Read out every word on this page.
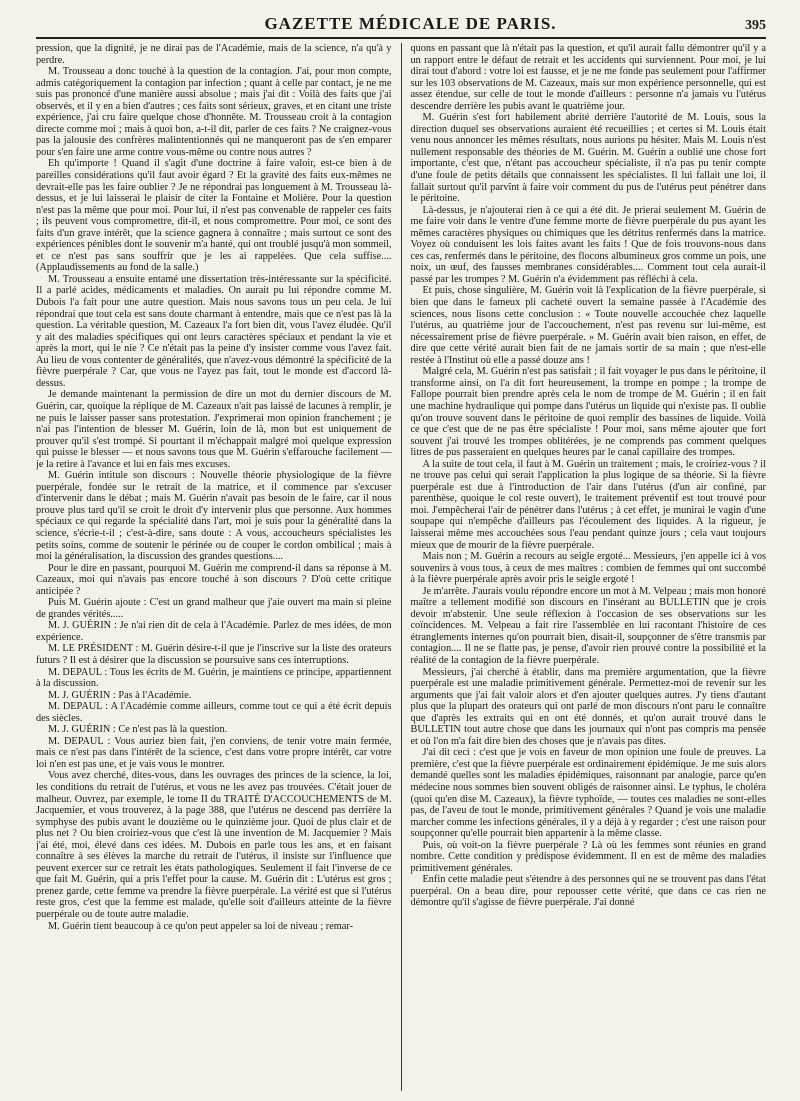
GAZETTE MÉDICALE DE PARIS.	395

pression, que la dignité, je ne dirai pas de l'Académie, mais de la science, n'a qu'à y perdre.

M. Trousseau a donc touché à la question de la contagion. J'ai, pour mon compte, admis catégoriquement la contagion par infection ; quant à celle par contact, je ne me suis pas prononcé d'une manière aussi absolue ; mais j'ai dit : Voilà des faits que j'ai observés, et il y en a bien d'autres ; ces faits sont sérieux, graves, et en citant une triste expérience, j'ai cru faire quelque chose d'honnête. M. Trousseau croit à la contagion directe comme moi ; mais à quoi bon, a-t-il dit, parler de ces faits ? Ne craignez-vous pas la jalousie des confrères malintentionnés qui ne manqueront pas de s'en emparer pour s'en faire une arme contre vous-même ou contre nous autres ?

Eh qu'importe ! Quand il s'agit d'une doctrine à faire valoir, est-ce bien à de pareilles considérations qu'il faut avoir égard ? Et la gravité des faits eux-mêmes ne devrait-elle pas les faire oublier ? Je ne répondrai pas longuement à M. Trousseau là-dessus, et je lui laisserai le plaisir de citer la Fontaine et Molière. Pour la question n'est pas la même que pour moi. Pour lui, il n'est pas convenable de rappeler ces faits ; ils peuvent vous compromettre, dit-il, et nous compromettre. Pour moi, ce sont des faits d'un grave intérêt, que la science gagnera à connaître ; mais surtout ce sont des expériences pénibles dont le souvenir m'a hanté, qui ont troublé jusqu'à mon sommeil, et ce n'est pas sans souffrir que je les ai rappelées. Que cela suffise.... (Applaudissements au fond de la salle.)

M. Trousseau a ensuite entamé une dissertation très-intéressante sur la spécificité. Il a parlé acides, médicaments et maladies. On aurait pu lui répondre comme M. Dubois l'a fait pour une autre question. Mais nous savons tous un peu cela. Je lui répondrai que tout cela est sans doute charmant à entendre, mais que ce n'est pas là la question. La véritable question, M. Cazeaux l'a fort bien dit, vous l'avez éludée. Qu'il y ait des maladies spécifiques qui ont leurs caractères spéciaux et pendant la vie et après la mort, qui le nie ? Ce n'était pas la peine d'y insister comme vous l'avez fait. Au lieu de vous contenter de généralités, que n'avez-vous démontré la spécificité de la fièvre puerpérale ? Car, que vous ne l'ayez pas fait, tout le monde est d'accord là-dessus.

Je demande maintenant la permission de dire un mot du dernier discours de M. Guérin, car, quoique la réplique de M. Cazeaux n'ait pas laissé de lacunes à remplir, je ne puis le laisser passer sans protestation. J'exprimerai mon opinion franchement ; je n'ai pas l'intention de blesser M. Guérin, loin de là, mon but est uniquement de prouver qu'il s'est trompé. Si pourtant il m'échappait malgré moi quelque expression qui puisse le blesser — et nous savons tous que M. Guérin s'effarouche facilement — je la retire à l'avance et lui en fais mes excuses.

M. Guérin intitule son discours : Nouvelle théorie physiologique de la fièvre puerpérale, fondée sur le retrait de la matrice, et il commence par s'excuser d'intervenir dans le débat ; mais M. Guérin n'avait pas besoin de le faire, car il nous prouve plus tard qu'il se croit le droit d'y intervenir plus que personne. Aux hommes spéciaux ce qui regarde la spécialité dans l'art, moi je suis pour la généralité dans la science, s'écrie-t-il ; c'est-à-dire, sans doute : A vous, accoucheurs spécialistes les petits soins, comme de soutenir le périnée ou de couper le cordon ombilical ; mais à moi la généralisation, la discussion des grandes questions....

Pour le dire en passant, pourquoi M. Guérin me comprend-il dans sa réponse à M. Cazeaux, moi qui n'avais pas encore touché à son discours ? D'où cette critique anticipée ?

Puis M. Guérin ajoute : C'est un grand malheur que j'aie ouvert ma main si pleine de grandes vérités.....

M. J. GUÉRIN : Je n'ai rien dit de cela à l'Académie. Parlez de mes idées, de mon expérience.

M. LE PRÉSIDENT : M. Guérin désire-t-il que je l'inscrive sur la liste des orateurs futurs ? Il est à désirer que la discussion se poursuive sans ces interruptions.

M. DEPAUL : Tous les écrits de M. Guérin, je maintiens ce principe, appartiennent à la discussion.

M. J. GUÉRIN : Pas à l'Académie.

M. DEPAUL : A l'Académie comme ailleurs, comme tout ce qui a été écrit depuis des siècles.

M. J. GUÉRIN : Ce n'est pas là la question.

M. DEPAUL : Vous auriez bien fait, j'en conviens, de tenir votre main fermée, mais ce n'est pas dans l'intérêt de la science, c'est dans votre propre intérêt, car votre loi n'en est pas une, et je vais vous le montrer.

Vous avez cherché, dites-vous, dans les ouvrages des princes de la science, la loi, les conditions du retrait de l'utérus, et vous ne les avez pas trouvées. C'était jouer de malheur. Ouvrez, par exemple, le tome II du TRAITÉ D'ACCOUCHEMENTS de M. Jacquemier, et vous trouverez, à la page 388, que l'utérus ne descend pas derrière la symphyse des pubis avant le douzième ou le quinzième jour. Quoi de plus clair et de plus net ? Ou bien croiriez-vous que c'est là une invention de M. Jacquemier ? Mais j'ai été, moi, élevé dans ces idées. M. Dubois en parle tous les ans, et en faisant connaître à ses élèves la marche du retrait de l'utérus, il insiste sur l'influence que peuvent exercer sur ce retrait les états pathologiques. Seulement il fait l'inverse de ce que fait M. Guérin, qui a pris l'effet pour la cause. M. Guérin dit : L'utérus est gros ; prenez garde, cette femme va prendre la fièvre puerpérale. La vérité est que si l'utérus reste gros, c'est que la femme est malade, qu'elle soit d'ailleurs atteinte de la fièvre puerpérale ou de toute autre maladie.

M. Guérin tient beaucoup à ce qu'on peut appeler sa loi de niveau ; remar-

quons en passant que là n'était pas la question, et qu'il aurait fallu démontrer qu'il y a un rapport entre le défaut de retrait et les accidents qui surviennent. Pour moi, je lui dirai tout d'abord : votre loi est fausse, et je ne me fonde pas seulement pour l'affirmer sur les 103 observations de M. Cazeaux, mais sur mon expérience personnelle, qui est assez étendue, sur celle de tout le monde d'ailleurs : personne n'a jamais vu l'utérus descendre derrière les pubis avant le quatrième jour.

M. Guérin s'est fort habilement abrité derrière l'autorité de M. Louis, sous la direction duquel ses observations auraient été recueillies ; et certes si M. Louis était venu nous annoncer les mêmes résultats, nous aurions pu hésiter. Mais M. Louis n'est nullement responsable des théories de M. Guérin. M. Guérin a oublié une chose fort importante, c'est que, n'étant pas accoucheur spécialiste, il n'a pas pu tenir compte d'une foule de petits détails que connaissent les spécialistes. Il lui fallait une loi, il fallait surtout qu'il parvînt à faire voir comment du pus de l'utérus peut pénétrer dans le péritoine.

Là-dessus, je n'ajouterai rien à ce qui a été dit. Je prierai seulement M. Guérin de me faire voir dans le ventre d'une femme morte de fièvre puerpérale du pus ayant les mêmes caractères physiques ou chimiques que les détritus renfermés dans la matrice. Voyez où conduisent les lois faites avant les faits ! Que de fois trouvons-nous dans ces cas, renfermés dans le péritoine, des flocons albumineux gros comme un pois, une noix, un œuf, des fausses membranes considérables.... Comment tout cela aurait-il passé par les trompes ? M. Guérin n'a évidemment pas réfléchi à cela.

Et puis, chose singulière, M. Guérin voit là l'explication de la fièvre puerpérale, si bien que dans le fameux pli cacheté ouvert la semaine passée à l'Académie des sciences, nous lisons cette conclusion : « Toute nouvelle accouchée chez laquelle l'utérus, au quatrième jour de l'accouchement, n'est pas revenu sur lui-même, est nécessairement prise de fièvre puerpérale. » M. Guérin avait bien raison, en effet, de dire que cette vérité aurait bien fait de ne jamais sortir de sa main ; que n'est-elle restée à l'Institut où elle a passé douze ans !

Malgré cela, M. Guérin n'est pas satisfait ; il fait voyager le pus dans le péritoine, il transforme ainsi, on l'a dit fort heureusement, la trompe en pompe ; la trompe de Fallope pourrait bien prendre après cela le nom de trompe de M. Guérin ; il en fait une machine hydraulique qui pompe dans l'utérus un liquide qui n'existe pas. Il oublie qu'on trouve souvent dans le péritoine de quoi remplir des bassines de liquide. Voilà ce que c'est que de ne pas être spécialiste ! Pour moi, sans même ajouter que fort souvent j'ai trouvé les trompes oblitérées, je ne comprends pas comment quelques litres de pus passeraient en quelques heures par le canal capillaire des trompes.

A la suite de tout cela, il faut à M. Guérin un traitement ; mais, le croiriez-vous ? il ne trouve pas celui qui serait l'application la plus logique de sa théorie. Si la fièvre puerpérale est due à l'introduction de l'air dans l'utérus (d'un air confiné, par parenthèse, quoique le col reste ouvert), le traitement préventif est tout trouvé pour moi. J'empêcherai l'air de pénétrer dans l'utérus ; à cet effet, je munirai le vagin d'une soupape qui n'empêche d'ailleurs pas l'écoulement des liquides. A la rigueur, je laisserai même mes accouchées sous l'eau pendant quinze jours ; cela vaut toujours mieux que de mourir de la fièvre puerpérale.

Mais non ; M. Guérin a recours au seigle ergoté... Messieurs, j'en appelle ici à vos souvenirs à vous tous, à ceux de mes maîtres : combien de femmes qui ont succombé à la fièvre puerpérale après avoir pris le seigle ergoté !

Je m'arrête. J'aurais voulu répondre encore un mot à M. Velpeau ; mais mon honoré maître a tellement modifié son discours en l'insérant au BULLETIN que je crois devoir m'abstenir. Une seule réflexion à l'occasion de ses observations sur les coïncidences. M. Velpeau a fait rire l'assemblée en lui racontant l'histoire de ces étranglements internes qu'on pourrait bien, disait-il, soupçonner de s'être transmis par contagion.... Il ne se flatte pas, je pense, d'avoir rien prouvé contre la possibilité et la réalité de la contagion de la fièvre puerpérale.

Messieurs, j'ai cherché à établir, dans ma première argumentation, que la fièvre puerpérale est une maladie primitivement générale. Permettez-moi de revenir sur les arguments que j'ai fait valoir alors et d'en ajouter quelques autres. J'y tiens d'autant plus que la plupart des orateurs qui ont parlé de mon discours n'ont paru le connaître que d'après les extraits qui en ont été donnés, et qu'on aurait trouvé dans le BULLETIN tout autre chose que dans les journaux qui n'ont pas compris ma pensée et où l'on m'a fait dire bien des choses que je n'avais pas dites.

J'ai dit ceci : c'est que je vois en faveur de mon opinion une foule de preuves. La première, c'est que la fièvre puerpérale est ordinairement épidémique. Je me suis alors demandé quelles sont les maladies épidémiques, raisonnant par analogie, parce qu'en médecine nous sommes bien souvent obligés de raisonner ainsi. Le typhus, le choléra (quoi qu'en dise M. Cazeaux), la fièvre typhoïde, — toutes ces maladies ne sont-elles pas, de l'aveu de tout le monde, primitivement générales ? Quand je vois une maladie marcher comme les infections générales, il y a déjà à y regarder ; c'est une raison pour soupçonner qu'elle pourrait bien appartenir à la même classe.

Puis, où voit-on la fièvre puerpérale ? Là où les femmes sont réunies en grand nombre. Cette condition y prédispose évidemment. Il en est de même des maladies primitivement générales.

Enfin cette maladie peut s'étendre à des personnes qui ne se trouvent pas dans l'état puerpéral. On a beau dire, pour repousser cette vérité, que dans ce cas rien ne démontre qu'il s'agisse de fièvre puerpérale. J'ai donné
